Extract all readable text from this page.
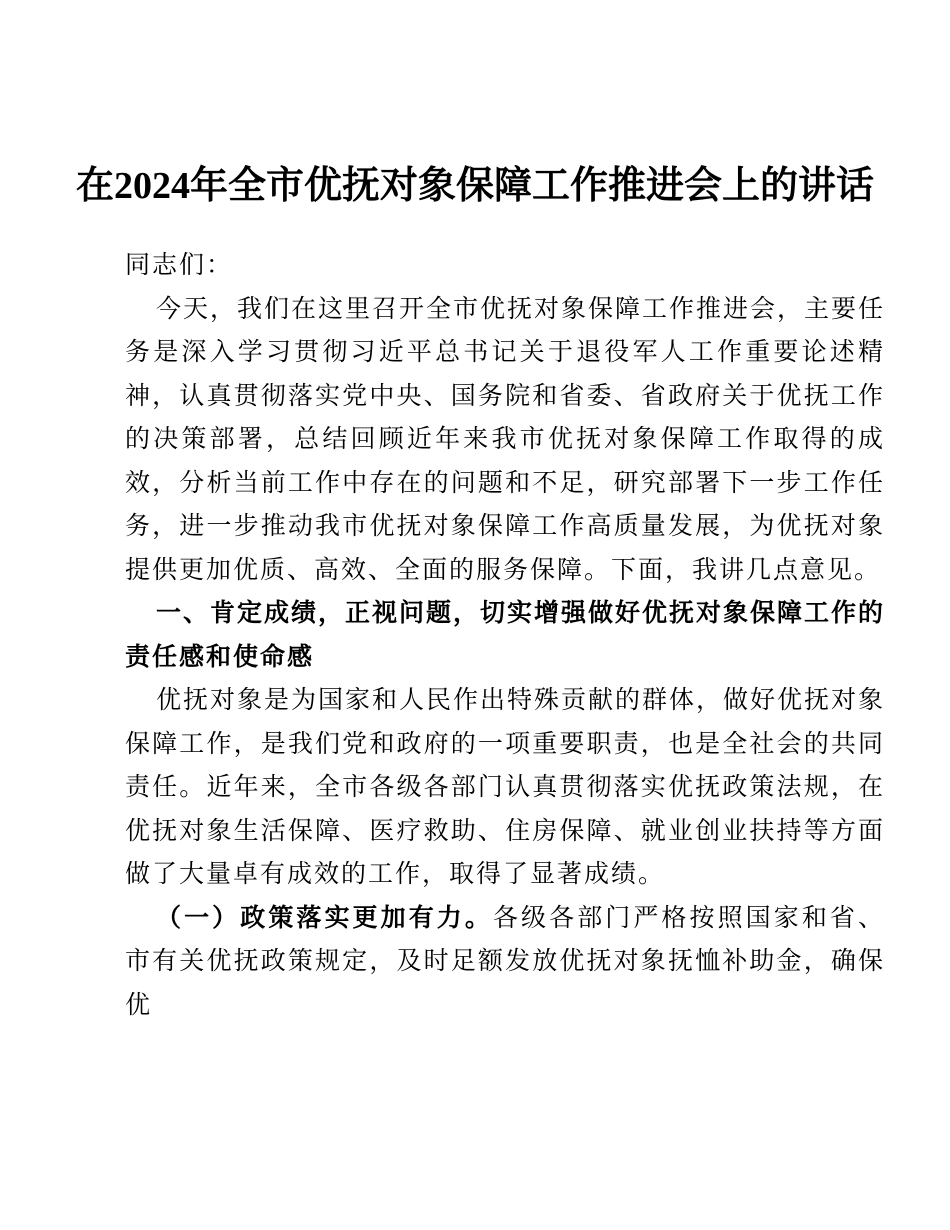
在2024年全市优抚对象保障工作推进会上的讲话

同志们：

今天，我们在这里召开全市优抚对象保障工作推进会，主要任务是深入学习贯彻习近平总书记关于退役军人工作重要论述精神，认真贯彻落实党中央、国务院和省委、省政府关于优抚工作的决策部署，总结回顾近年来我市优抚对象保障工作取得的成效，分析当前工作中存在的问题和不足，研究部署下一步工作任务，进一步推动我市优抚对象保障工作高质量发展，为优抚对象提供更加优质、高效、全面的服务保障。下面，我讲几点意见。

一、肯定成绩，正视问题，切实增强做好优抚对象保障工作的责任感和使命感

优抚对象是为国家和人民作出特殊贡献的群体，做好优抚对象保障工作，是我们党和政府的一项重要职责，也是全社会的共同责任。近年来，全市各级各部门认真贯彻落实优抚政策法规，在优抚对象生活保障、医疗救助、住房保障、就业创业扶持等方面做了大量卓有成效的工作，取得了显著成绩。

（一）政策落实更加有力。各级各部门严格按照国家和省、市有关优抚政策规定，及时足额发放优抚对象抚恤补助金，确保优
